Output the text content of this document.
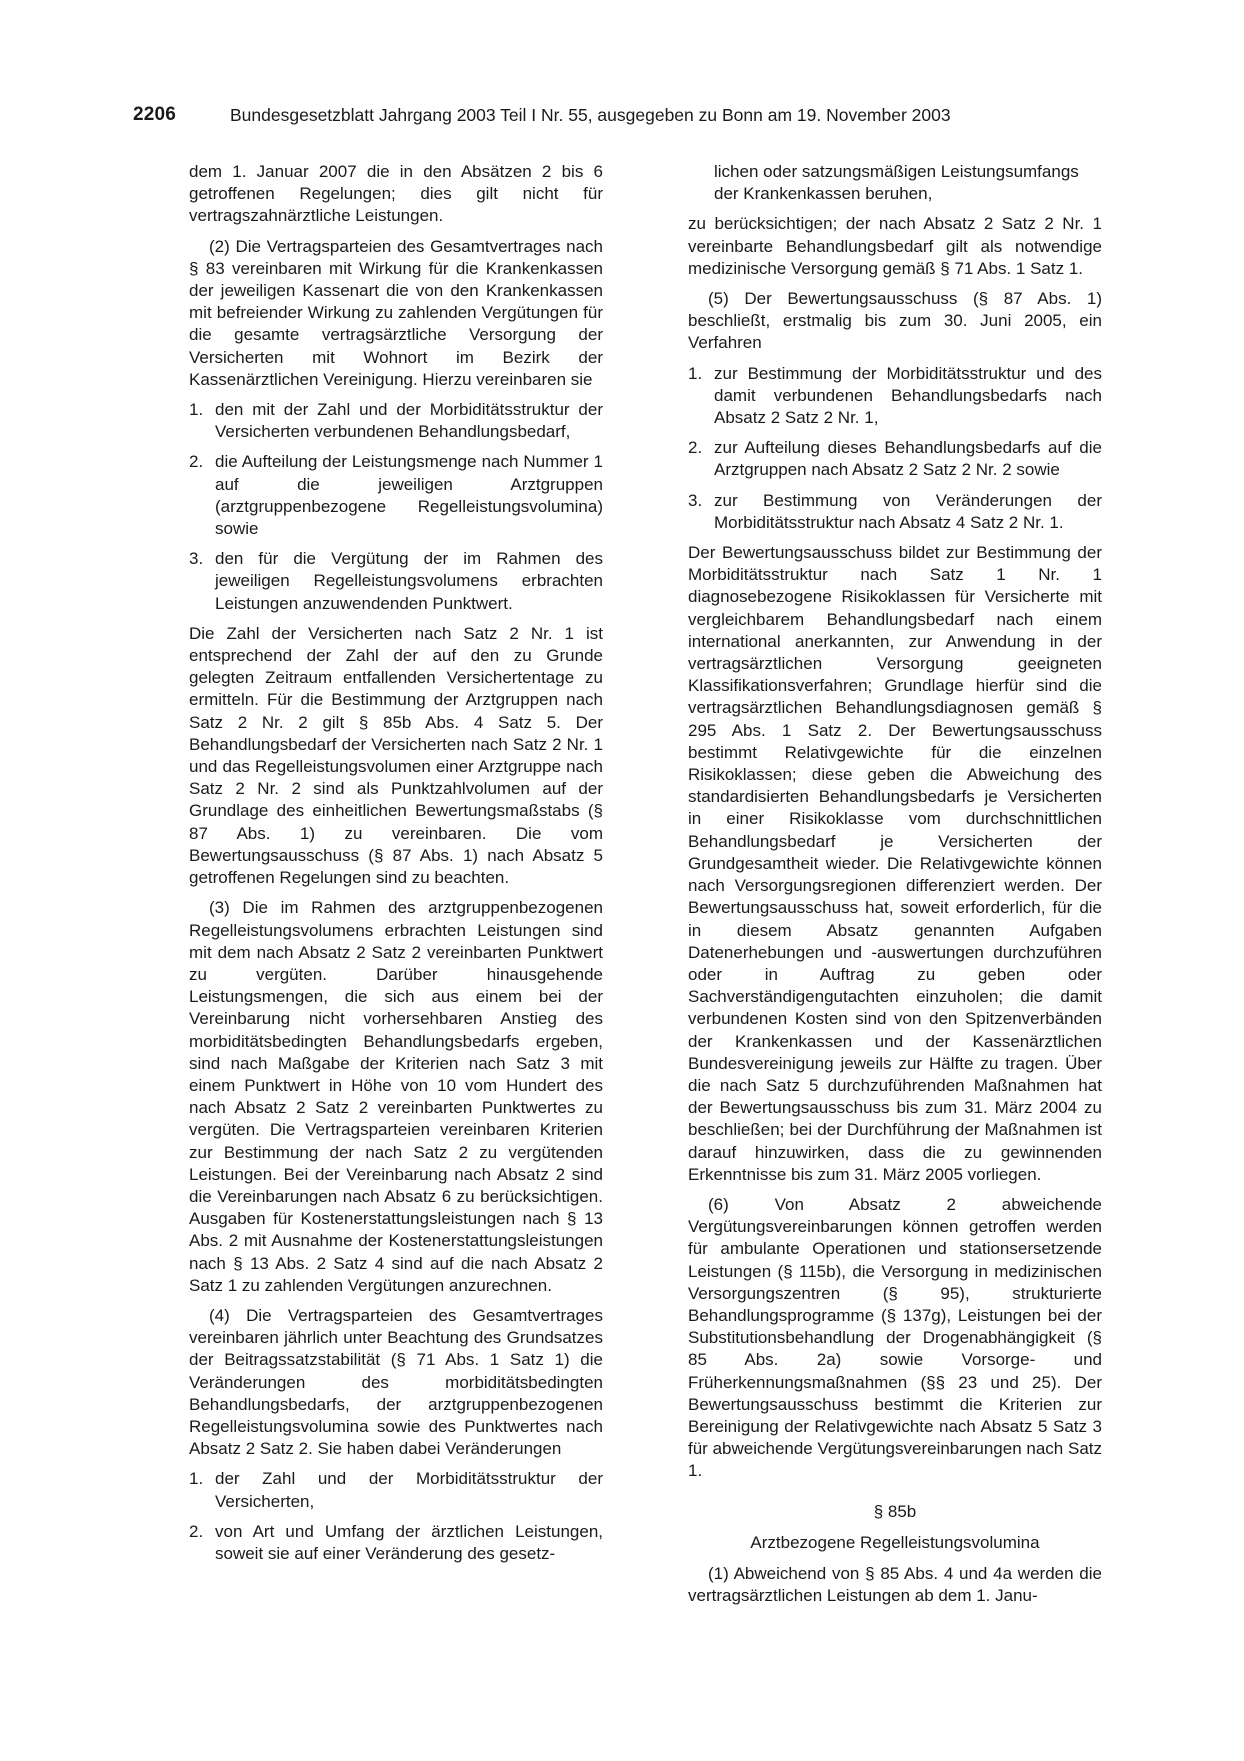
2206	Bundesgesetzblatt Jahrgang 2003 Teil I Nr. 55, ausgegeben zu Bonn am 19. November 2003

dem 1. Januar 2007 die in den Absätzen 2 bis 6 getroffenen Regelungen; dies gilt nicht für vertragszahnärztliche Leistungen.

(2) Die Vertragsparteien des Gesamtvertrages nach § 83 vereinbaren mit Wirkung für die Krankenkassen der jeweiligen Kassenart die von den Krankenkassen mit befreiender Wirkung zu zahlenden Vergütungen für die gesamte vertragsärztliche Versorgung der Versicherten mit Wohnort im Bezirk der Kassenärztlichen Vereinigung. Hierzu vereinbaren sie

1. den mit der Zahl und der Morbiditätsstruktur der Versicherten verbundenen Behandlungsbedarf,
2. die Aufteilung der Leistungsmenge nach Nummer 1 auf die jeweiligen Arztgruppen (arztgruppenbezogene Regelleistungsvolumina) sowie
3. den für die Vergütung der im Rahmen des jeweiligen Regelleistungsvolumens erbrachten Leistungen anzuwendenden Punktwert.

Die Zahl der Versicherten nach Satz 2 Nr. 1 ist entsprechend der Zahl der auf den zu Grunde gelegten Zeitraum entfallenden Versichertentage zu ermitteln. Für die Bestimmung der Arztgruppen nach Satz 2 Nr. 2 gilt § 85b Abs. 4 Satz 5. Der Behandlungsbedarf der Versicherten nach Satz 2 Nr. 1 und das Regelleistungsvolumen einer Arztgruppe nach Satz 2 Nr. 2 sind als Punktzahlvolumen auf der Grundlage des einheitlichen Bewertungsmaßstabs (§ 87 Abs. 1) zu vereinbaren. Die vom Bewertungsausschuss (§ 87 Abs. 1) nach Absatz 5 getroffenen Regelungen sind zu beachten.

(3) Die im Rahmen des arztgruppenbezogenen Regelleistungsvolumens erbrachten Leistungen sind mit dem nach Absatz 2 Satz 2 vereinbarten Punktwert zu vergüten. Darüber hinausgehende Leistungsmengen, die sich aus einem bei der Vereinbarung nicht vorhersehbaren Anstieg des morbiditätsbedingten Behandlungsbedarfs ergeben, sind nach Maßgabe der Kriterien nach Satz 3 mit einem Punktwert in Höhe von 10 vom Hundert des nach Absatz 2 Satz 2 vereinbarten Punktwertes zu vergüten. Die Vertragsparteien vereinbaren Kriterien zur Bestimmung der nach Satz 2 zu vergütenden Leistungen. Bei der Vereinbarung nach Absatz 2 sind die Vereinbarungen nach Absatz 6 zu berücksichtigen. Ausgaben für Kostenerstattungsleistungen nach § 13 Abs. 2 mit Ausnahme der Kostenerstattungsleistungen nach § 13 Abs. 2 Satz 4 sind auf die nach Absatz 2 Satz 1 zu zahlenden Vergütungen anzurechnen.

(4) Die Vertragsparteien des Gesamtvertrages vereinbaren jährlich unter Beachtung des Grundsatzes der Beitragssatzstabilität (§ 71 Abs. 1 Satz 1) die Veränderungen des morbiditätsbedingten Behandlungsbedarfs, der arztgruppenbezogenen Regelleistungsvolumina sowie des Punktwertes nach Absatz 2 Satz 2. Sie haben dabei Veränderungen

1. der Zahl und der Morbiditätsstruktur der Versicherten,
2. von Art und Umfang der ärztlichen Leistungen, soweit sie auf einer Veränderung des gesetz-

lichen oder satzungsmäßigen Leistungsumfangs der Krankenkassen beruhen,

zu berücksichtigen; der nach Absatz 2 Satz 2 Nr. 1 vereinbarte Behandlungsbedarf gilt als notwendige medizinische Versorgung gemäß § 71 Abs. 1 Satz 1.

(5) Der Bewertungsausschuss (§ 87 Abs. 1) beschließt, erstmalig bis zum 30. Juni 2005, ein Verfahren

1. zur Bestimmung der Morbiditätsstruktur und des damit verbundenen Behandlungsbedarfs nach Absatz 2 Satz 2 Nr. 1,
2. zur Aufteilung dieses Behandlungsbedarfs auf die Arztgruppen nach Absatz 2 Satz 2 Nr. 2 sowie
3. zur Bestimmung von Veränderungen der Morbiditätsstruktur nach Absatz 4 Satz 2 Nr. 1.

Der Bewertungsausschuss bildet zur Bestimmung der Morbiditätsstruktur nach Satz 1 Nr. 1 diagnosebezogene Risikoklassen für Versicherte mit vergleichbarem Behandlungsbedarf nach einem international anerkannten, zur Anwendung in der vertragsärztlichen Versorgung geeigneten Klassifikationsverfahren; Grundlage hierfür sind die vertragsärztlichen Behandlungsdiagnosen gemäß § 295 Abs. 1 Satz 2. Der Bewertungsausschuss bestimmt Relativgewichte für die einzelnen Risikoklassen; diese geben die Abweichung des standardisierten Behandlungsbedarfs je Versicherten in einer Risikoklasse vom durchschnittlichen Behandlungsbedarf je Versicherten der Grundgesamtheit wieder. Die Relativgewichte können nach Versorgungsregionen differenziert werden. Der Bewertungsausschuss hat, soweit erforderlich, für die in diesem Absatz genannten Aufgaben Datenerhebungen und -auswertungen durchzuführen oder in Auftrag zu geben oder Sachverständigengutachten einzuholen; die damit verbundenen Kosten sind von den Spitzenverbänden der Krankenkassen und der Kassenärztlichen Bundesvereinigung jeweils zur Hälfte zu tragen. Über die nach Satz 5 durchzuführenden Maßnahmen hat der Bewertungsausschuss bis zum 31. März 2004 zu beschließen; bei der Durchführung der Maßnahmen ist darauf hinzuwirken, dass die zu gewinnenden Erkenntnisse bis zum 31. März 2005 vorliegen.

(6) Von Absatz 2 abweichende Vergütungsvereinbarungen können getroffen werden für ambulante Operationen und stationsersetzende Leistungen (§ 115b), die Versorgung in medizinischen Versorgungszentren (§ 95), strukturierte Behandlungsprogramme (§ 137g), Leistungen bei der Substitutionsbehandlung der Drogenabhängigkeit (§ 85 Abs. 2a) sowie Vorsorge- und Früherkennungsmaßnahmen (§§ 23 und 25). Der Bewertungsausschuss bestimmt die Kriterien zur Bereinigung der Relativgewichte nach Absatz 5 Satz 3 für abweichende Vergütungsvereinbarungen nach Satz 1.

§ 85b

Arztbezogene Regelleistungsvolumina

(1) Abweichend von § 85 Abs. 4 und 4a werden die vertragsärztlichen Leistungen ab dem 1. Janu-
